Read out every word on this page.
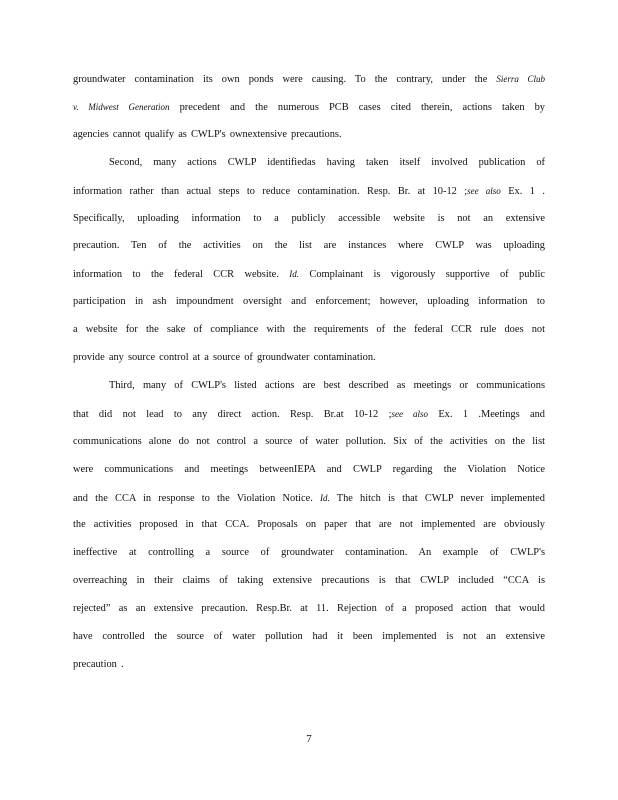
groundwater contamination its own ponds were causing. To the contrary, under the Sierra Club
v. Midwest Generation precedent and the numerous PCB cases cited therein, actions taken by
agencies cannot qualify as CWLP's ownextensive precautions.
Second, many actions CWLP identifiedas having taken itself involved publication of
information rather than actual steps to reduce contamination. Resp. Br. at 10-12 ;see also Ex. 1 .
Specifically, uploading information to a publicly accessible website is not an extensive
precaution. Ten of the activities on the list are instances where CWLP was uploading
information to the federal CCR website. Id. Complainant is vigorously supportive of public
participation in ash impoundment oversight and enforcement; however, uploading information to
a website for the sake of compliance with the requirements of the federal CCR rule does not
provide any source control at a source of groundwater contamination.
Third, many of CWLP's listed actions are best described as meetings or communications
that did not lead to any direct action. Resp. Br.at 10-12 ;see also Ex. 1 .Meetings and
communications alone do not control a source of water pollution. Six of the activities on the list
were communications and meetings betweenIEPA and CWLP regarding the Violation Notice
and the CCA in response to the Violation Notice. Id. The hitch is that CWLP never implemented
the activities proposed in that CCA. Proposals on paper that are not implemented are obviously
ineffective at controlling a source of groundwater contamination. An example of CWLP's
overreaching in their claims of taking extensive precautions is that CWLP included “CCA is
rejected” as an extensive precaution. Resp.Br. at 11. Rejection of a proposed action that would
have controlled the source of water pollution had it been implemented is not an extensive
precaution .
7
